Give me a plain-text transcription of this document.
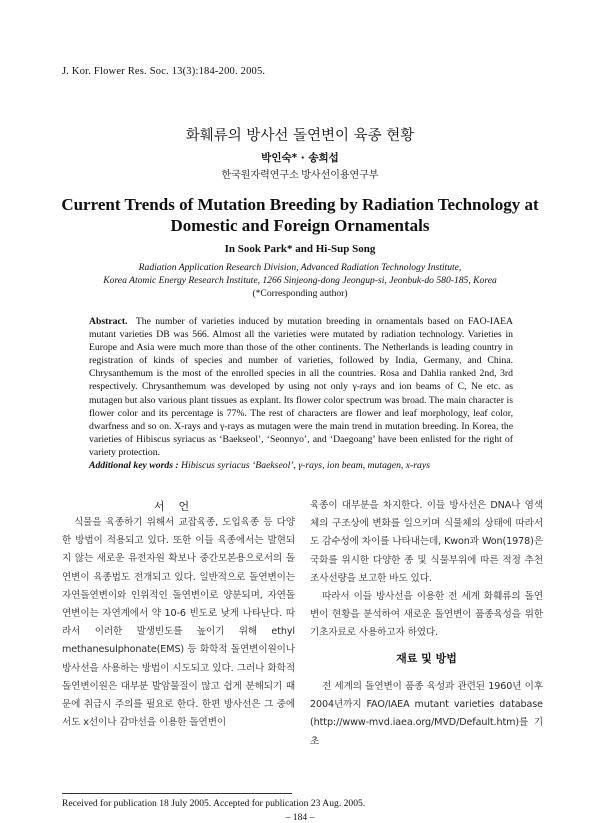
J. Kor. Flower Res. Soc. 13(3):184-200. 2005.
화훼류의 방사선 돌연변이 육종 현황
박인숙* · 송희섭
한국원자력연구소 방사선이용연구부
Current Trends of Mutation Breeding by Radiation Technology at
Domestic and Foreign Ornamentals
In Sook Park* and Hi-Sup Song
Radiation Application Research Division, Advanced Radiation Technology Institute,
Korea Atomic Energy Research Institute, 1266 Sinjeong-dong Jeongup-si, Jeonbuk-do 580-185, Korea
(*Corresponding author)
Abstract. The number of varieties induced by mutation breeding in ornamentals based on FAO-IAEA mutant varieties DB was 566. Almost all the varieties were mutated by radiation technology. Varieties in Europe and Asia were much more than those of the other continents. The Netherlands is leading country in registration of kinds of species and number of varieties, followed by India, Germany, and China. Chrysanthemum is the most of the enrolled species in all the countries. Rosa and Dahlia ranked 2nd, 3rd respectively. Chrysanthemum was developed by using not only γ-rays and ion beams of C, Ne etc. as mutagen but also various plant tissues as explant. Its flower color spectrum was broad. The main character is flower color and its percentage is 77%. The rest of characters are flower and leaf morphology, leaf color, dwarfness and so on. X-rays and γ-rays as mutagen were the main trend in mutation breeding. In Korea, the varieties of Hibiscus syriacus as ‘Baekseol’, ‘Seonnyo’, and ‘Daegoang’ have been enlisted for the right of variety protection.
Additional key words : Hibiscus syriacus ‘Baekseol’, γ-rays, ion beam, mutagen, x-rays
서언

식물을 육종하기 위해서 교잡육종, 도입육종 등 다양한 방법이 적용되고 있다. 또한 이들 육종에서는 발현되지 않는 새로운 유전자원 확보나 중간모본용으로서의 돌연변이 육종법도 전개되고 있다. 일반적으로 돌연변이는 자연돌연변이와 인위적인 돌연변이로 양분되며, 자연돌연변이는 자연계에서 약 10-6 빈도로 낮게 나타난다. 따라서 이러한 발생빈도를 높이기 위해 ethyl methanesulphonate(EMS) 등 화학적 돌연변이원이나 방사선을 사용하는 방법이 시도되고 있다. 그러나 화학적 돌연변이원은 대부분 발암물질이 많고 쉽게 분해되기 때문에 취급시 주의를 필요로 한다. 한편 방사선은 그 중에서도 x선이나 감마선을 이용한 돌연변이

육종이 대부분을 차지한다. 이들 방사선은 DNA나 염색체의 구조상에 변화를 일으키며 식물체의 상태에 따라서도 감수성에 차이를 나타내는데, Kwon과 Won(1978)은 국화를 위시한 다양한 종 및 식물부위에 따른 적정 추천조사선량을 보고한 바도 있다.

따라서 이들 방사선을 이용한 전 세계 화훼류의 돌연변이 현황을 분석하여 새로운 돌연변이 품종육성을 위한 기초자료로 사용하고자 하였다.

재료 및 방법

전 세계의 돌연변이 품종 육성과 관련된 1960년 이후 2004년까지 FAO/IAEA mutant varieties database (http://www-mvd.iaea.org/MVD/Default.htm)를 기초

Received for publication 18 July 2005. Accepted for publication 23 Aug. 2005.
– 184 –
